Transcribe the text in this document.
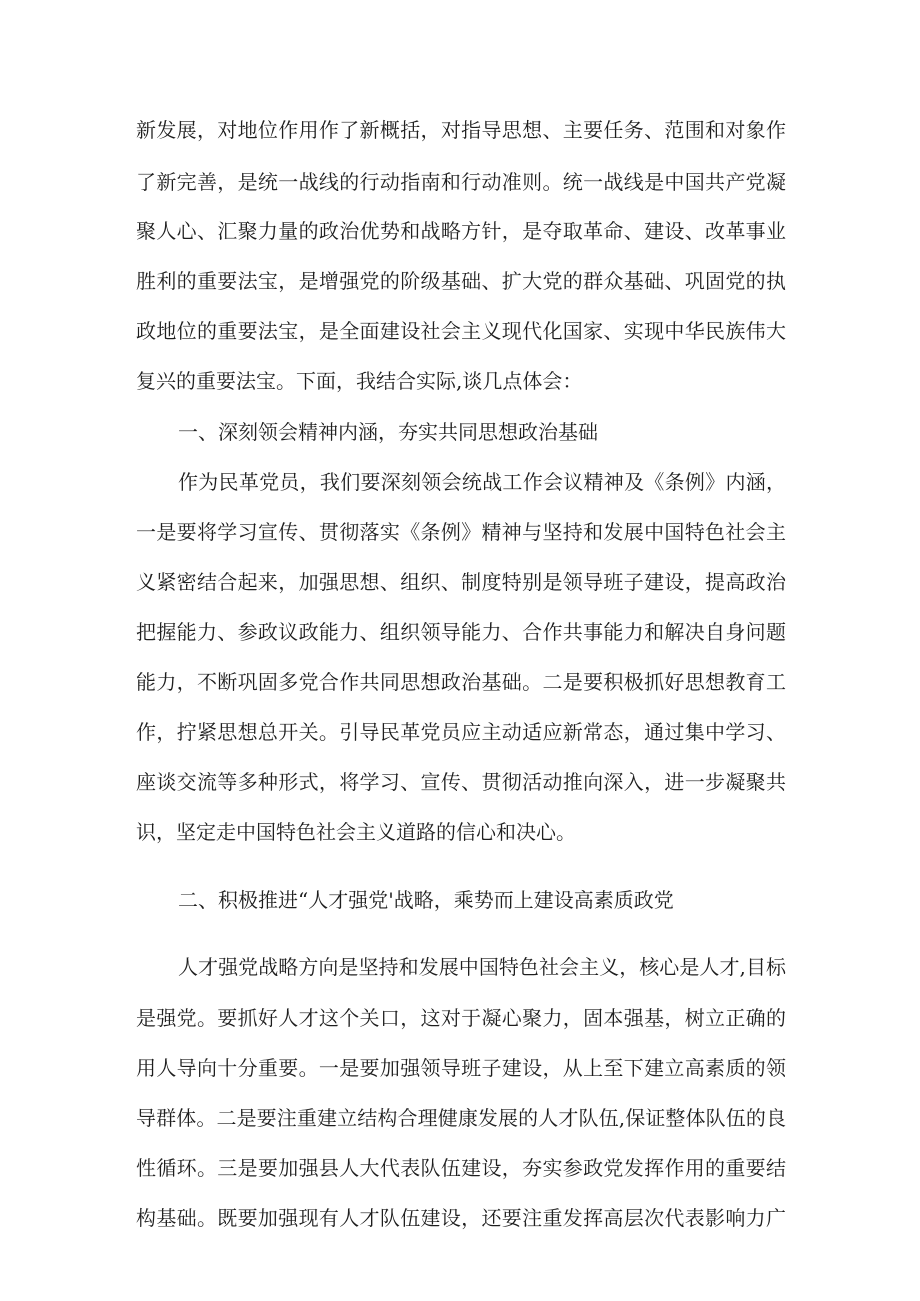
新发展，对地位作用作了新概括，对指导思想、主要任务、范围和对象作
了新完善，是统一战线的行动指南和行动准则。统一战线是中国共产党凝
聚人心、汇聚力量的政治优势和战略方针，是夺取革命、建设、改革事业
胜利的重要法宝，是增强党的阶级基础、扩大党的群众基础、巩固党的执
政地位的重要法宝，是全面建设社会主义现代化国家、实现中华民族伟大
复兴的重要法宝。下面，我结合实际,谈几点体会：
一、深刻领会精神内涵，夯实共同思想政治基础
作为民革党员，我们要深刻领会统战工作会议精神及《条例》内涵，
一是要将学习宣传、贯彻落实《条例》精神与坚持和发展中国特色社会主
义紧密结合起来，加强思想、组织、制度特别是领导班子建设，提高政治
把握能力、参政议政能力、组织领导能力、合作共事能力和解决自身问题
能力，不断巩固多党合作共同思想政治基础。二是要积极抓好思想教育工
作，拧紧思想总开关。引导民革党员应主动适应新常态，通过集中学习、
座谈交流等多种形式，将学习、宣传、贯彻活动推向深入，进一步凝聚共
识，坚定走中国特色社会主义道路的信心和决心。
二、积极推进“人才强党'战略，乘势而上建设高素质政党
人才强党战略方向是坚持和发展中国特色社会主义，核心是人才,目标
是强党。要抓好人才这个关口，这对于凝心聚力，固本强基，树立正确的
用人导向十分重要。一是要加强领导班子建设，从上至下建立高素质的领
导群体。二是要注重建立结构合理健康发展的人才队伍,保证整体队伍的良
性循环。三是要加强县人大代表队伍建设，夯实参政党发挥作用的重要结
构基础。既要加强现有人才队伍建设，还要注重发挥高层次代表影响力广
